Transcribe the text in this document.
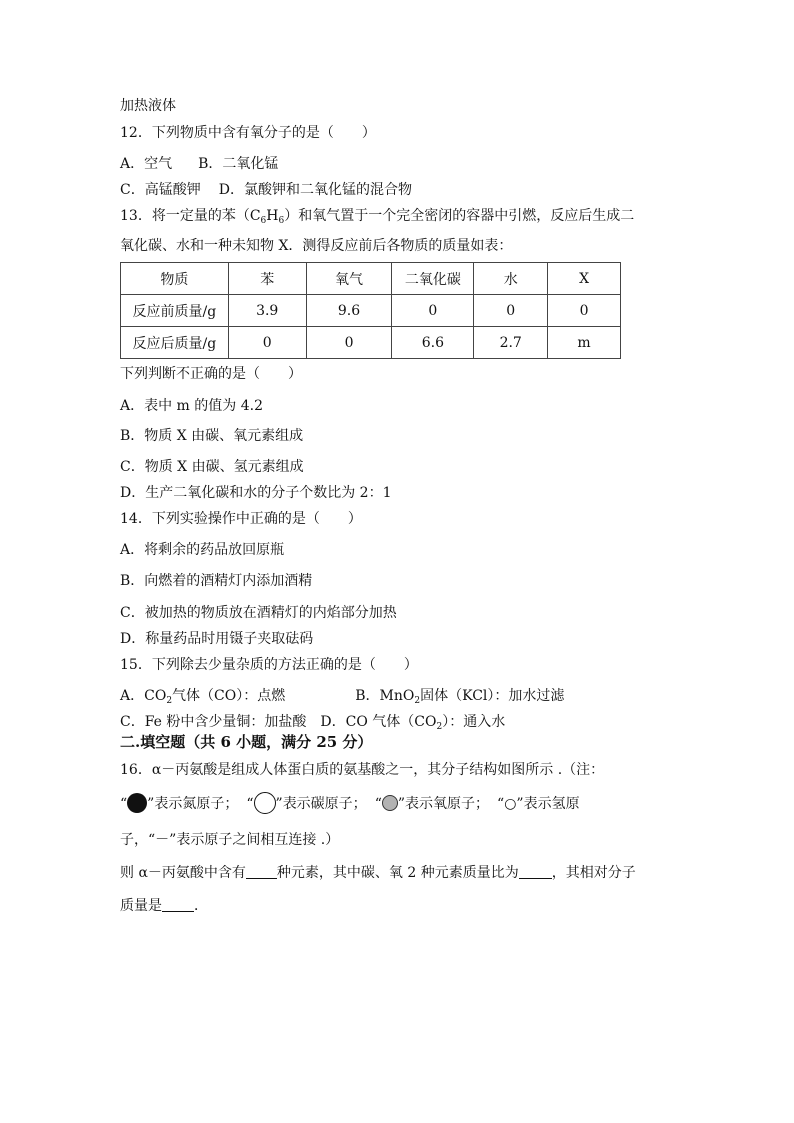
加热液体
12．下列物质中含有氧分子的是（　　）
A．空气 B．二氧化锰
C．高锰酸钾 D．氯酸钾和二氧化锰的混合物
13．将一定量的苯$(C_6H_6)$和氧气置于一个完全密闭的容器中引燃，反应后生成二
氧化碳、水和一种未知物 X．测得反应前后各物质的质量如表：
物质	苯	氧气	二氧化碳	水	X
反应前质量/g	3.9	9.6	0	0	0
反应后质量/g	0	0	6.6	2.7	m
下列判断不正确的是（　　）
A．表中 m 的值为 4.2
B．物质 X 由碳、氧元素组成
C．物质 X 由碳、氢元素组成
D．生产二氧化碳和水的分子个数比为 2：1
14．下列实验操作中正确的是（　　）
A．将剩余的药品放回原瓶
B．向燃着的酒精灯内添加酒精
C．被加热的物质放在酒精灯的内焰部分加热
D．称量药品时用镊子夹取砝码
15．下列除去少量杂质的方法正确的是（　　）
A．$CO_2$气体（CO）：点燃	B．MnO$_2$固体（KCl）：加水过滤
C．Fe 粉中含少量铜：加盐酸 D．CO 气体$(CO_2)$：通入水
二.填空题（共 6 小题，满分 25 分）
16．α－丙氨酸是组成人体蛋白质的氨基酸之一，其分子结构如图所示 .（注：
“ ”表示氮原子； “ ”表示碳原子； “ ”表示氧原子； “○”表示氢原
子，“－”表示原子之间相互连接 .）
则 α－丙氨酸中含有 种元素，其中碳、氧 2 种元素质量比为 ，其相对分子
质量是 ．
